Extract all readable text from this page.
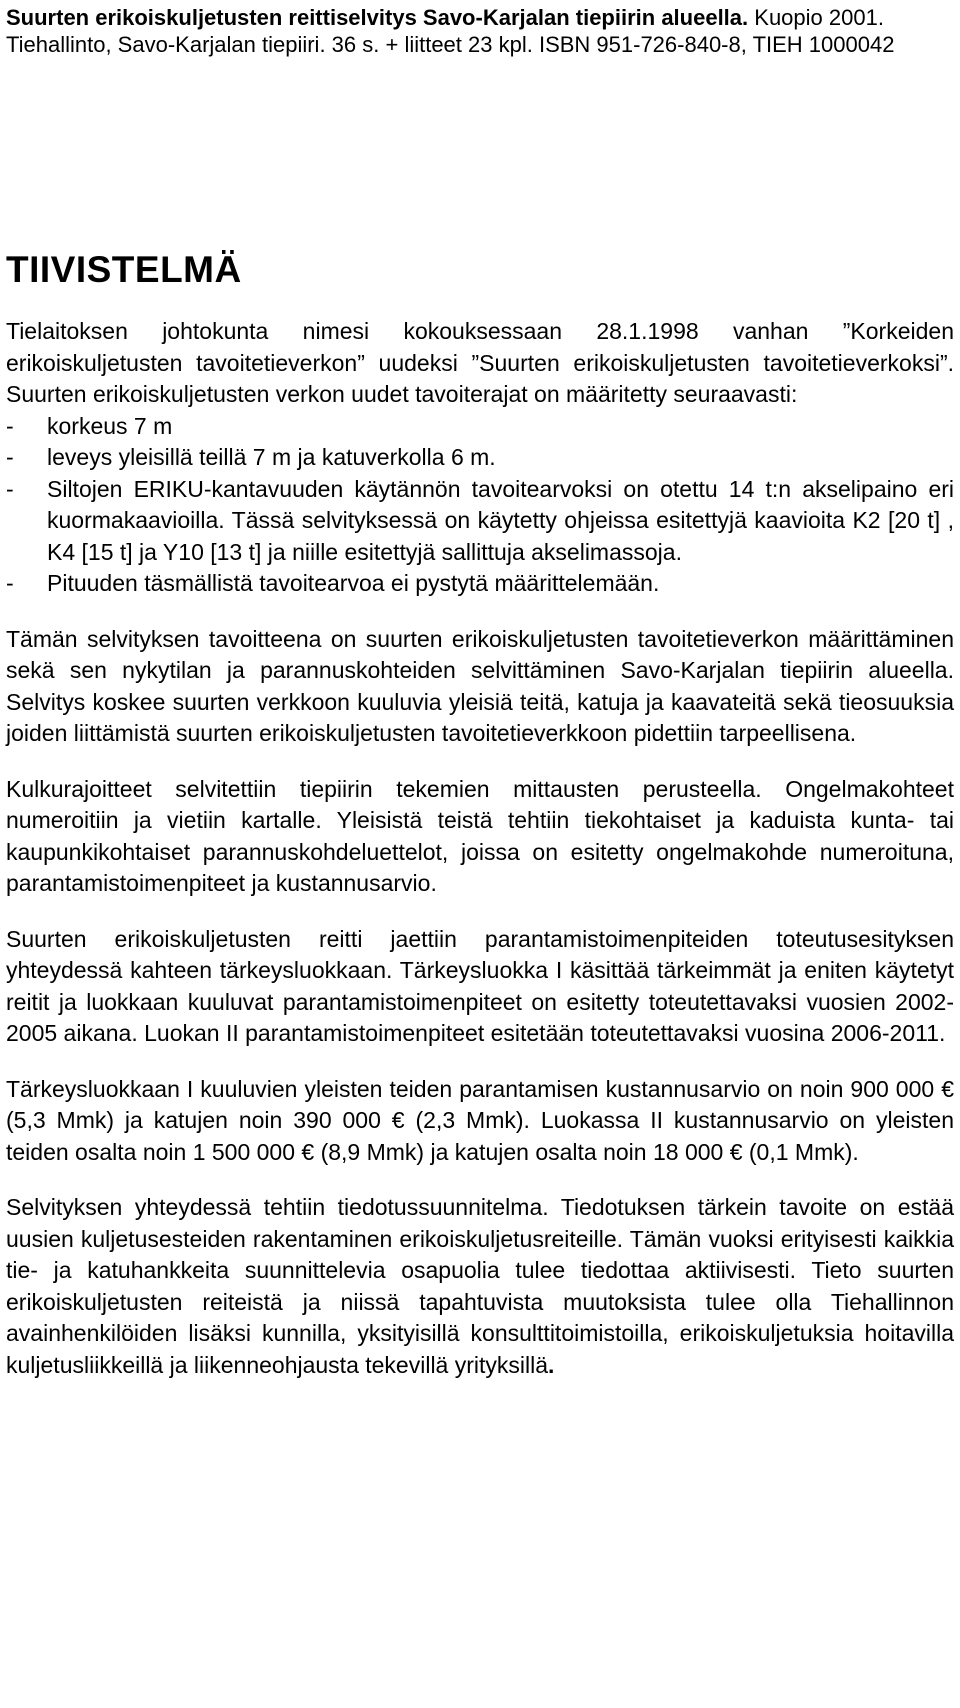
Suurten erikoiskuljetusten reittiselvitys Savo-Karjalan tiepiirin alueella. Kuopio 2001.
Tiehallinto, Savo-Karjalan tiepiiri. 36 s. + liitteet 23 kpl. ISBN 951-726-840-8, TIEH 1000042
TIIVISTELMÄ
Tielaitoksen johtokunta nimesi kokouksessaan 28.1.1998 vanhan ”Korkeiden erikoiskuljetusten tavoitetieverkon” uudeksi ”Suurten erikoiskuljetusten tavoitetieverkoksi”. Suurten erikoiskuljetusten verkon uudet tavoiterajat on määritetty seuraavasti:
- korkeus 7 m
- leveys yleisillä teillä 7 m ja katuverkolla 6 m.
- Siltojen ERIKU-kantavuuden käytännön tavoitearvoksi on otettu 14 t:n akselipaino eri kuormakaavioilla. Tässä selvityksessä on käytetty ohjeissa esitettyjä kaavioita K2 [20 t] , K4 [15 t] ja Y10 [13 t] ja niille esitettyjä sallittuja akselimassoja.
- Pituuden täsmällistä tavoitearvoa ei pystytä määrittelemään.
Tämän selvityksen tavoitteena on suurten erikoiskuljetusten tavoitetieverkon määrittäminen sekä sen nykytilan ja parannuskohteiden selvittäminen Savo-Karjalan tiepiirin alueella. Selvitys koskee suurten verkkoon kuuluvia yleisiä teitä, katuja ja kaavateitä sekä tieosuuksia joiden liittämistä suurten erikoiskuljetusten tavoitetieverkkoon pidettiin tarpeellisena.
Kulkurajoitteet selvitettiin tiepiirin tekemien mittausten perusteella. Ongelmakohteet numeroitiin ja vietiin kartalle. Yleisistä teistä tehtiin tiekohtaiset ja kaduista kunta- tai kaupunkikohtaiset parannuskohdeluettelot, joissa on esitetty ongelmakohde numeroituna, parantamistoimenpiteet ja kustannusarvio.
Suurten erikoiskuljetusten reitti jaettiin parantamistoimenpiteiden toteutusesityksen yhteydessä kahteen tärkeysluokkaan. Tärkeysluokka I käsittää tärkeimmät ja eniten käytetyt reitit ja luokkaan kuuluvat parantamistoimenpiteet on esitetty toteutettavaksi vuosien 2002-2005 aikana. Luokan II parantamistoimenpiteet esitetään toteutettavaksi vuosina 2006-2011.
Tärkeysluokkaan I kuuluvien yleisten teiden parantamisen kustannusarvio on noin 900 000 € (5,3 Mmk) ja katujen noin 390 000 € (2,3 Mmk). Luokassa II kustannusarvio on yleisten teiden osalta noin 1 500 000 € (8,9 Mmk) ja katujen osalta noin 18 000 € (0,1 Mmk).
Selvityksen yhteydessä tehtiin tiedotussuunnitelma. Tiedotuksen tärkein tavoite on estää uusien kuljetusesteiden rakentaminen erikoiskuljetusreiteille. Tämän vuoksi erityisesti kaikkia tie- ja katuhankkeita suunnittelevia osapuolia tulee tiedottaa aktiivisesti. Tieto suurten erikoiskuljetusten reiteistä ja niissä tapahtuvista muutoksista tulee olla Tiehallinnon avainhenkilöiden lisäksi kunnilla, yksityisillä konsulttitoimistoilla, erikoiskuljetuksia hoitavilla kuljetusliikkeillä ja liikenneohjausta tekevillä yrityksillä.
